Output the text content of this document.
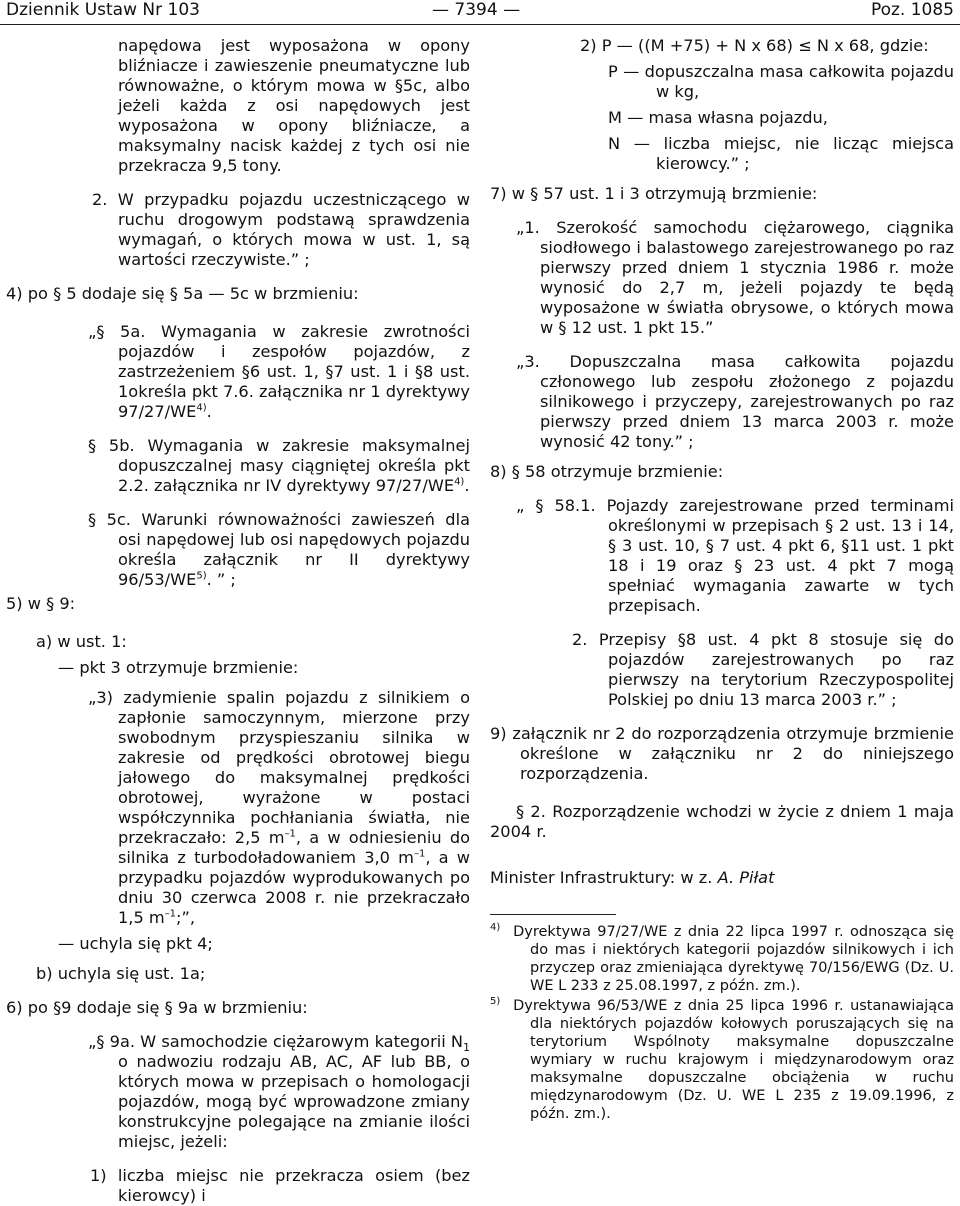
Dziennik Ustaw Nr 103	— 7394 —	Poz. 1085

napędowa jest wyposażona w opony bliźniacze i zawieszenie pneumatyczne lub równoważne, o którym mowa w §5c, albo jeżeli każda z osi napędowych jest wyposażona w opony bliźniacze, a maksymalny nacisk każdej z tych osi nie przekracza 9,5 tony.

2. W przypadku pojazdu uczestniczącego w ruchu drogowym podstawą sprawdzenia wymagań, o których mowa w ust. 1, są wartości rzeczywiste.” ;

4) po § 5 dodaje się § 5a — 5c w brzmieniu:

„§ 5a. Wymagania w zakresie zwrotności pojazdów i zespołów pojazdów, z zastrzeżeniem §6 ust. 1, §7 ust. 1 i §8 ust. 1określa pkt 7.6. załącznika nr 1 dyrektywy 97/27/WE$^{4)}$.

§ 5b. Wymagania w zakresie maksymalnej dopuszczalnej masy ciągniętej określa pkt 2.2. załącznika nr IV dyrektywy 97/27/WE$^{4)}$.

§ 5c. Warunki równoważności zawieszeń dla osi napędowej lub osi napędowych pojazdu określa załącznik nr II dyrektywy 96/53/WE$^{5)}$. ” ;

5) w § 9:

a) w ust. 1:

— pkt 3 otrzymuje brzmienie:

„3) zadymienie spalin pojazdu z silnikiem o zapłonie samoczynnym, mierzone przy swobodnym przyspieszaniu silnika w zakresie od prędkości obrotowej biegu jałowego do maksymalnej prędkości obrotowej, wyrażone w postaci współczynnika pochłaniania światła, nie przekraczało: 2,5 $m^{-1}$, a w odniesieniu do silnika z turbodoładowaniem 3,0 $m^{-1}$, a w przypadku pojazdów wyprodukowanych po dniu 30 czerwca 2008 r. nie przekraczało 1,5 $m^{-1}$;”,

— uchyla się pkt 4;

b) uchyla się ust. 1a;

6) po §9 dodaje się § 9a w brzmieniu:

„§ 9a. W samochodzie ciężarowym kategorii $N_1$ o nadwoziu rodzaju AB, AC, AF lub BB, o których mowa w przepisach o homologacji pojazdów, mogą być wprowadzone zmiany konstrukcyjne polegające na zmianie ilości miejsc, jeżeli:

1) liczba miejsc nie przekracza osiem (bez kierowcy) i

2) P — ((M +75) + N x 68) ≤ N x 68, gdzie:

P — dopuszczalna masa całkowita pojazdu w kg,

M — masa własna pojazdu,

N — liczba miejsc, nie licząc miejsca kierowcy.” ;

7) w § 57 ust. 1 i 3 otrzymują brzmienie:

„1. Szerokość samochodu ciężarowego, ciągnika siodłowego i balastowego zarejestrowanego po raz pierwszy przed dniem 1 stycznia 1986 r. może wynosić do 2,7 m, jeżeli pojazdy te będą wyposażone w światła obrysowe, o których mowa w § 12 ust. 1 pkt 15.”

„3. Dopuszczalna masa całkowita pojazdu członowego lub zespołu złożonego z pojazdu silnikowego i przyczepy, zarejestrowanych po raz pierwszy przed dniem 13 marca 2003 r. może wynosić 42 tony.” ;

8) § 58 otrzymuje brzmienie:

„ § 58.1. Pojazdy zarejestrowane przed terminami określonymi w przepisach § 2 ust. 13 i 14, § 3 ust. 10, § 7 ust. 4 pkt 6, §11 ust. 1 pkt 18 i 19 oraz § 23 ust. 4 pkt 7 mogą spełniać wymagania zawarte w tych przepisach.

2. Przepisy §8 ust. 4 pkt 8 stosuje się do pojazdów zarejestrowanych po raz pierwszy na terytorium Rzeczypospolitej Polskiej po dniu 13 marca 2003 r.” ;

9) załącznik nr 2 do rozporządzenia otrzymuje brzmienie określone w załączniku nr 2 do niniejszego rozporządzenia.

§ 2. Rozporządzenie wchodzi w życie z dniem 1 maja 2004 r.

Minister Infrastruktury: w z. A. Piłat

$^{4)}$ Dyrektywa 97/27/WE z dnia 22 lipca 1997 r. odnosząca się do mas i niektórych kategorii pojazdów silnikowych i ich przyczep oraz zmieniająca dyrektywę 70/156/EWG (Dz. U. WE L 233 z 25.08.1997, z późn. zm.).

$^{5)}$ Dyrektywa 96/53/WE z dnia 25 lipca 1996 r. ustanawiająca dla niektórych pojazdów kołowych poruszających się na terytorium Wspólnoty maksymalne dopuszczalne wymiary w ruchu krajowym i międzynarodowym oraz maksymalne dopuszczalne obciążenia w ruchu międzynarodowym (Dz. U. WE L 235 z 19.09.1996, z późn. zm.).
